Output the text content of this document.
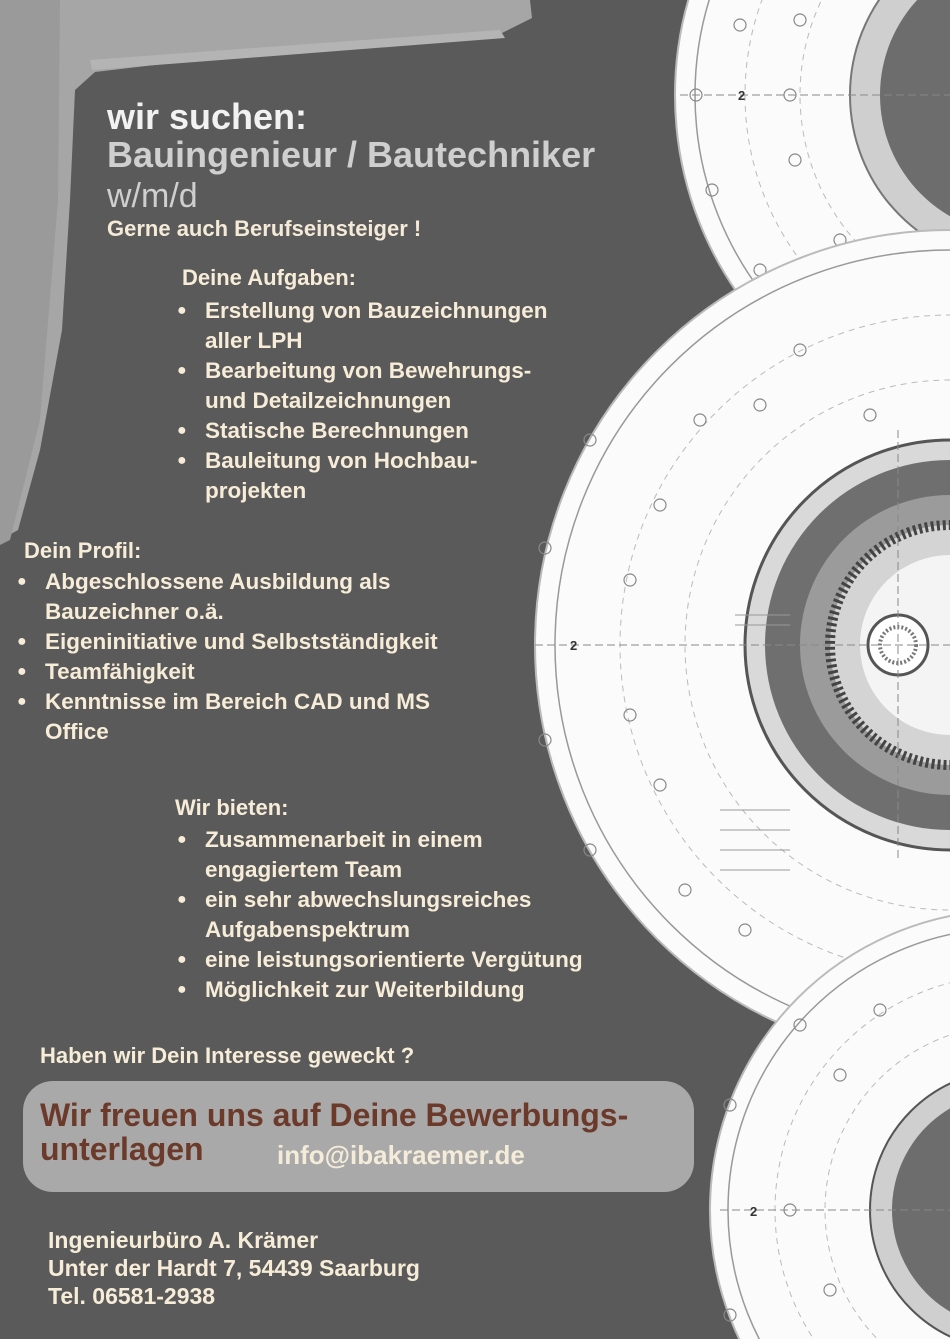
2
2
2
wir suchen:
Bauingenieur / Bautechniker
w/m/d
Gerne auch Berufseinsteiger !
Deine Aufgaben:
● Erstellung von Bauzeichnungen
aller LPH
● Bearbeitung von Bewehrungs-
und Detailzeichnungen
● Statische Berechnungen
● Bauleitung von Hochbau-
projekten
Dein Profil:
● Abgeschlossene Ausbildung als
Bauzeichner o.ä.
● Eigeninitiative und Selbstständigkeit
● Teamfähigkeit
● Kenntnisse im Bereich CAD und MS
Office
Wir bieten:
● Zusammenarbeit in einem
engagiertem Team
● ein sehr abwechslungsreiches
Aufgabenspektrum
● eine leistungsorientierte Vergütung
● Möglichkeit zur Weiterbildung
Haben wir Dein Interesse geweckt ?
Wir freuen uns auf Deine Bewerbungs-
unterlagen	info@ibakraemer.de
Ingenieurbüro A. Krämer
Unter der Hardt 7, 54439 Saarburg
Tel. 06581-2938
